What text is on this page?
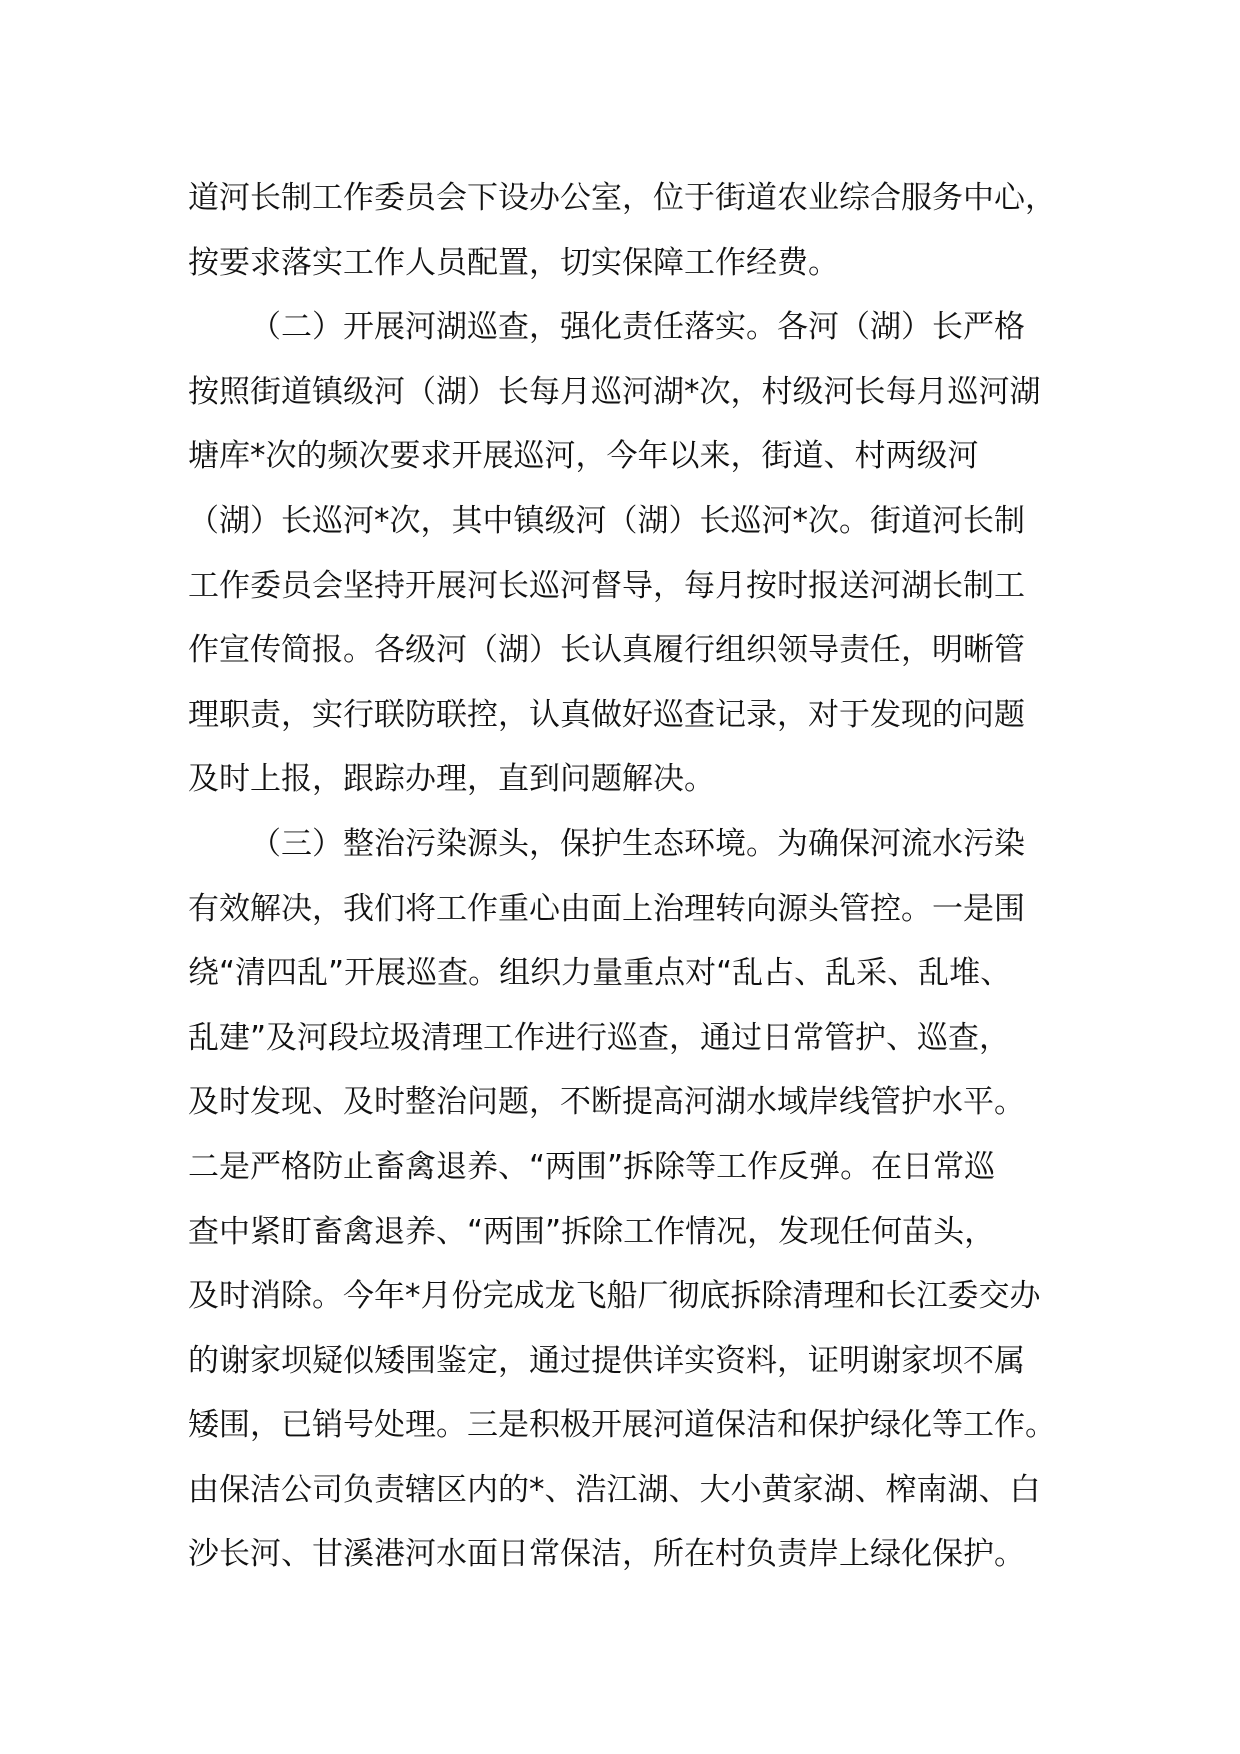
道河长制工作委员会下设办公室，位于街道农业综合服务中心，
按要求落实工作人员配置，切实保障工作经费。
（二）开展河湖巡查，强化责任落实。各河（湖）长严格
按照街道镇级河（湖）长每月巡河湖*次，村级河长每月巡河湖
塘库*次的频次要求开展巡河，今年以来，街道、村两级河
（湖）长巡河*次，其中镇级河（湖）长巡河*次。街道河长制
工作委员会坚持开展河长巡河督导，每月按时报送河湖长制工
作宣传简报。各级河（湖）长认真履行组织领导责任，明晰管
理职责，实行联防联控，认真做好巡查记录，对于发现的问题
及时上报，跟踪办理，直到问题解决。
（三）整治污染源头，保护生态环境。为确保河流水污染
有效解决，我们将工作重心由面上治理转向源头管控。一是围
绕“清四乱”开展巡查。组织力量重点对“乱占、乱采、乱堆、
乱建”及河段垃圾清理工作进行巡查，通过日常管护、巡查，
及时发现、及时整治问题，不断提高河湖水域岸线管护水平。
二是严格防止畜禽退养、“两围”拆除等工作反弹。在日常巡
查中紧盯畜禽退养、“两围”拆除工作情况，发现任何苗头，
及时消除。今年*月份完成龙飞船厂彻底拆除清理和长江委交办
的谢家坝疑似矮围鉴定，通过提供详实资料，证明谢家坝不属
矮围，已销号处理。三是积极开展河道保洁和保护绿化等工作。
由保洁公司负责辖区内的*、浩江湖、大小黄家湖、榨南湖、白
沙长河、甘溪港河水面日常保洁，所在村负责岸上绿化保护。
